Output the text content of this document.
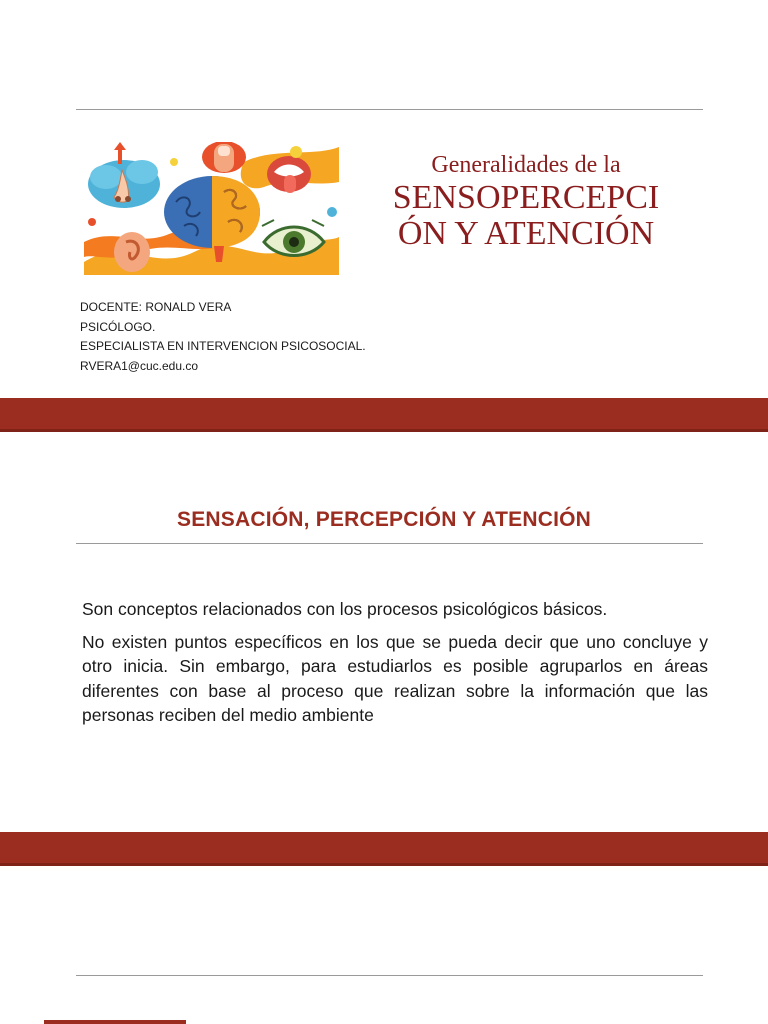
Generalidades de la
SENSOPERCEPCI
ÓN Y ATENCIÓN
DOCENTE: RONALD VERA
PSICÓLOGO.
ESPECIALISTA EN INTERVENCION PSICOSOCIAL.
RVERA1@cuc.edu.co
SENSACIÓN, PERCEPCIÓN Y ATENCIÓN

Son conceptos relacionados con los procesos psicológicos básicos.

No existen puntos específicos en los que se pueda decir que uno concluye y otro inicia. Sin embargo, para estudiarlos es posible agruparlos en áreas diferentes con base al proceso que realizan sobre la información que las personas reciben del medio ambiente
